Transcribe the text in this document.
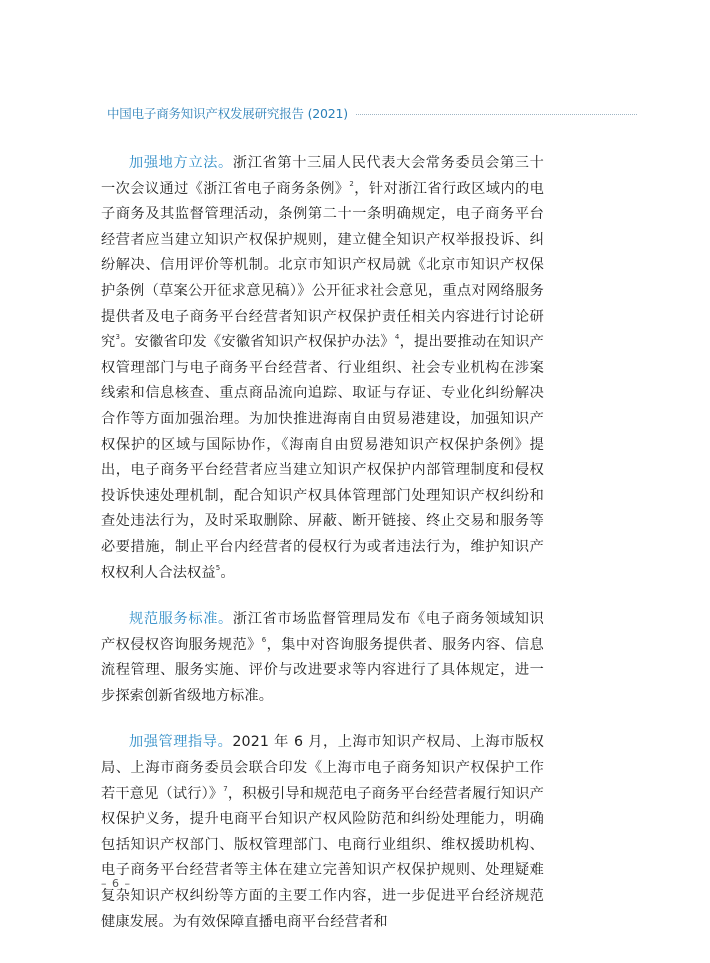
中国电子商务知识产权发展研究报告 (2021)

加强地方立法。浙江省第十三届人民代表大会常务委员会第三十一次会议通过《浙江省电子商务条例》$^2$，针对浙江省行政区域内的电子商务及其监督管理活动，条例第二十一条明确规定，电子商务平台经营者应当建立知识产权保护规则，建立健全知识产权举报投诉、纠纷解决、信用评价等机制。北京市知识产权局就《北京市知识产权保护条例（草案公开征求意见稿）》公开征求社会意见，重点对网络服务提供者及电子商务平台经营者知识产权保护责任相关内容进行讨论研究$^3$。安徽省印发《安徽省知识产权保护办法》$^4$，提出要推动在知识产权管理部门与电子商务平台经营者、行业组织、社会专业机构在涉案线索和信息核查、重点商品流向追踪、取证与存证、专业化纠纷解决合作等方面加强治理。为加快推进海南自由贸易港建设，加强知识产权保护的区域与国际协作，《海南自由贸易港知识产权保护条例》提出，电子商务平台经营者应当建立知识产权保护内部管理制度和侵权投诉快速处理机制，配合知识产权具体管理部门处理知识产权纠纷和查处违法行为，及时采取删除、屏蔽、断开链接、终止交易和服务等必要措施，制止平台内经营者的侵权行为或者违法行为，维护知识产权权利人合法权益$^5$。

规范服务标准。浙江省市场监督管理局发布《电子商务领域知识产权侵权咨询服务规范》$^6$，集中对咨询服务提供者、服务内容、信息流程管理、服务实施、评价与改进要求等内容进行了具体规定，进一步探索创新省级地方标准。

加强管理指导。2021 年 6 月，上海市知识产权局、上海市版权局、上海市商务委员会联合印发《上海市电子商务知识产权保护工作若干意见（试行）》$^7$，积极引导和规范电子商务平台经营者履行知识产权保护义务，提升电商平台知识产权风险防范和纠纷处理能力，明确包括知识产权部门、版权管理部门、电商行业组织、维权援助机构、电子商务平台经营者等主体在建立完善知识产权保护规则、处理疑难复杂知识产权纠纷等方面的主要工作内容，进一步促进平台经济规范健康发展。为有效保障直播电商平台经营者和

– 6 –
